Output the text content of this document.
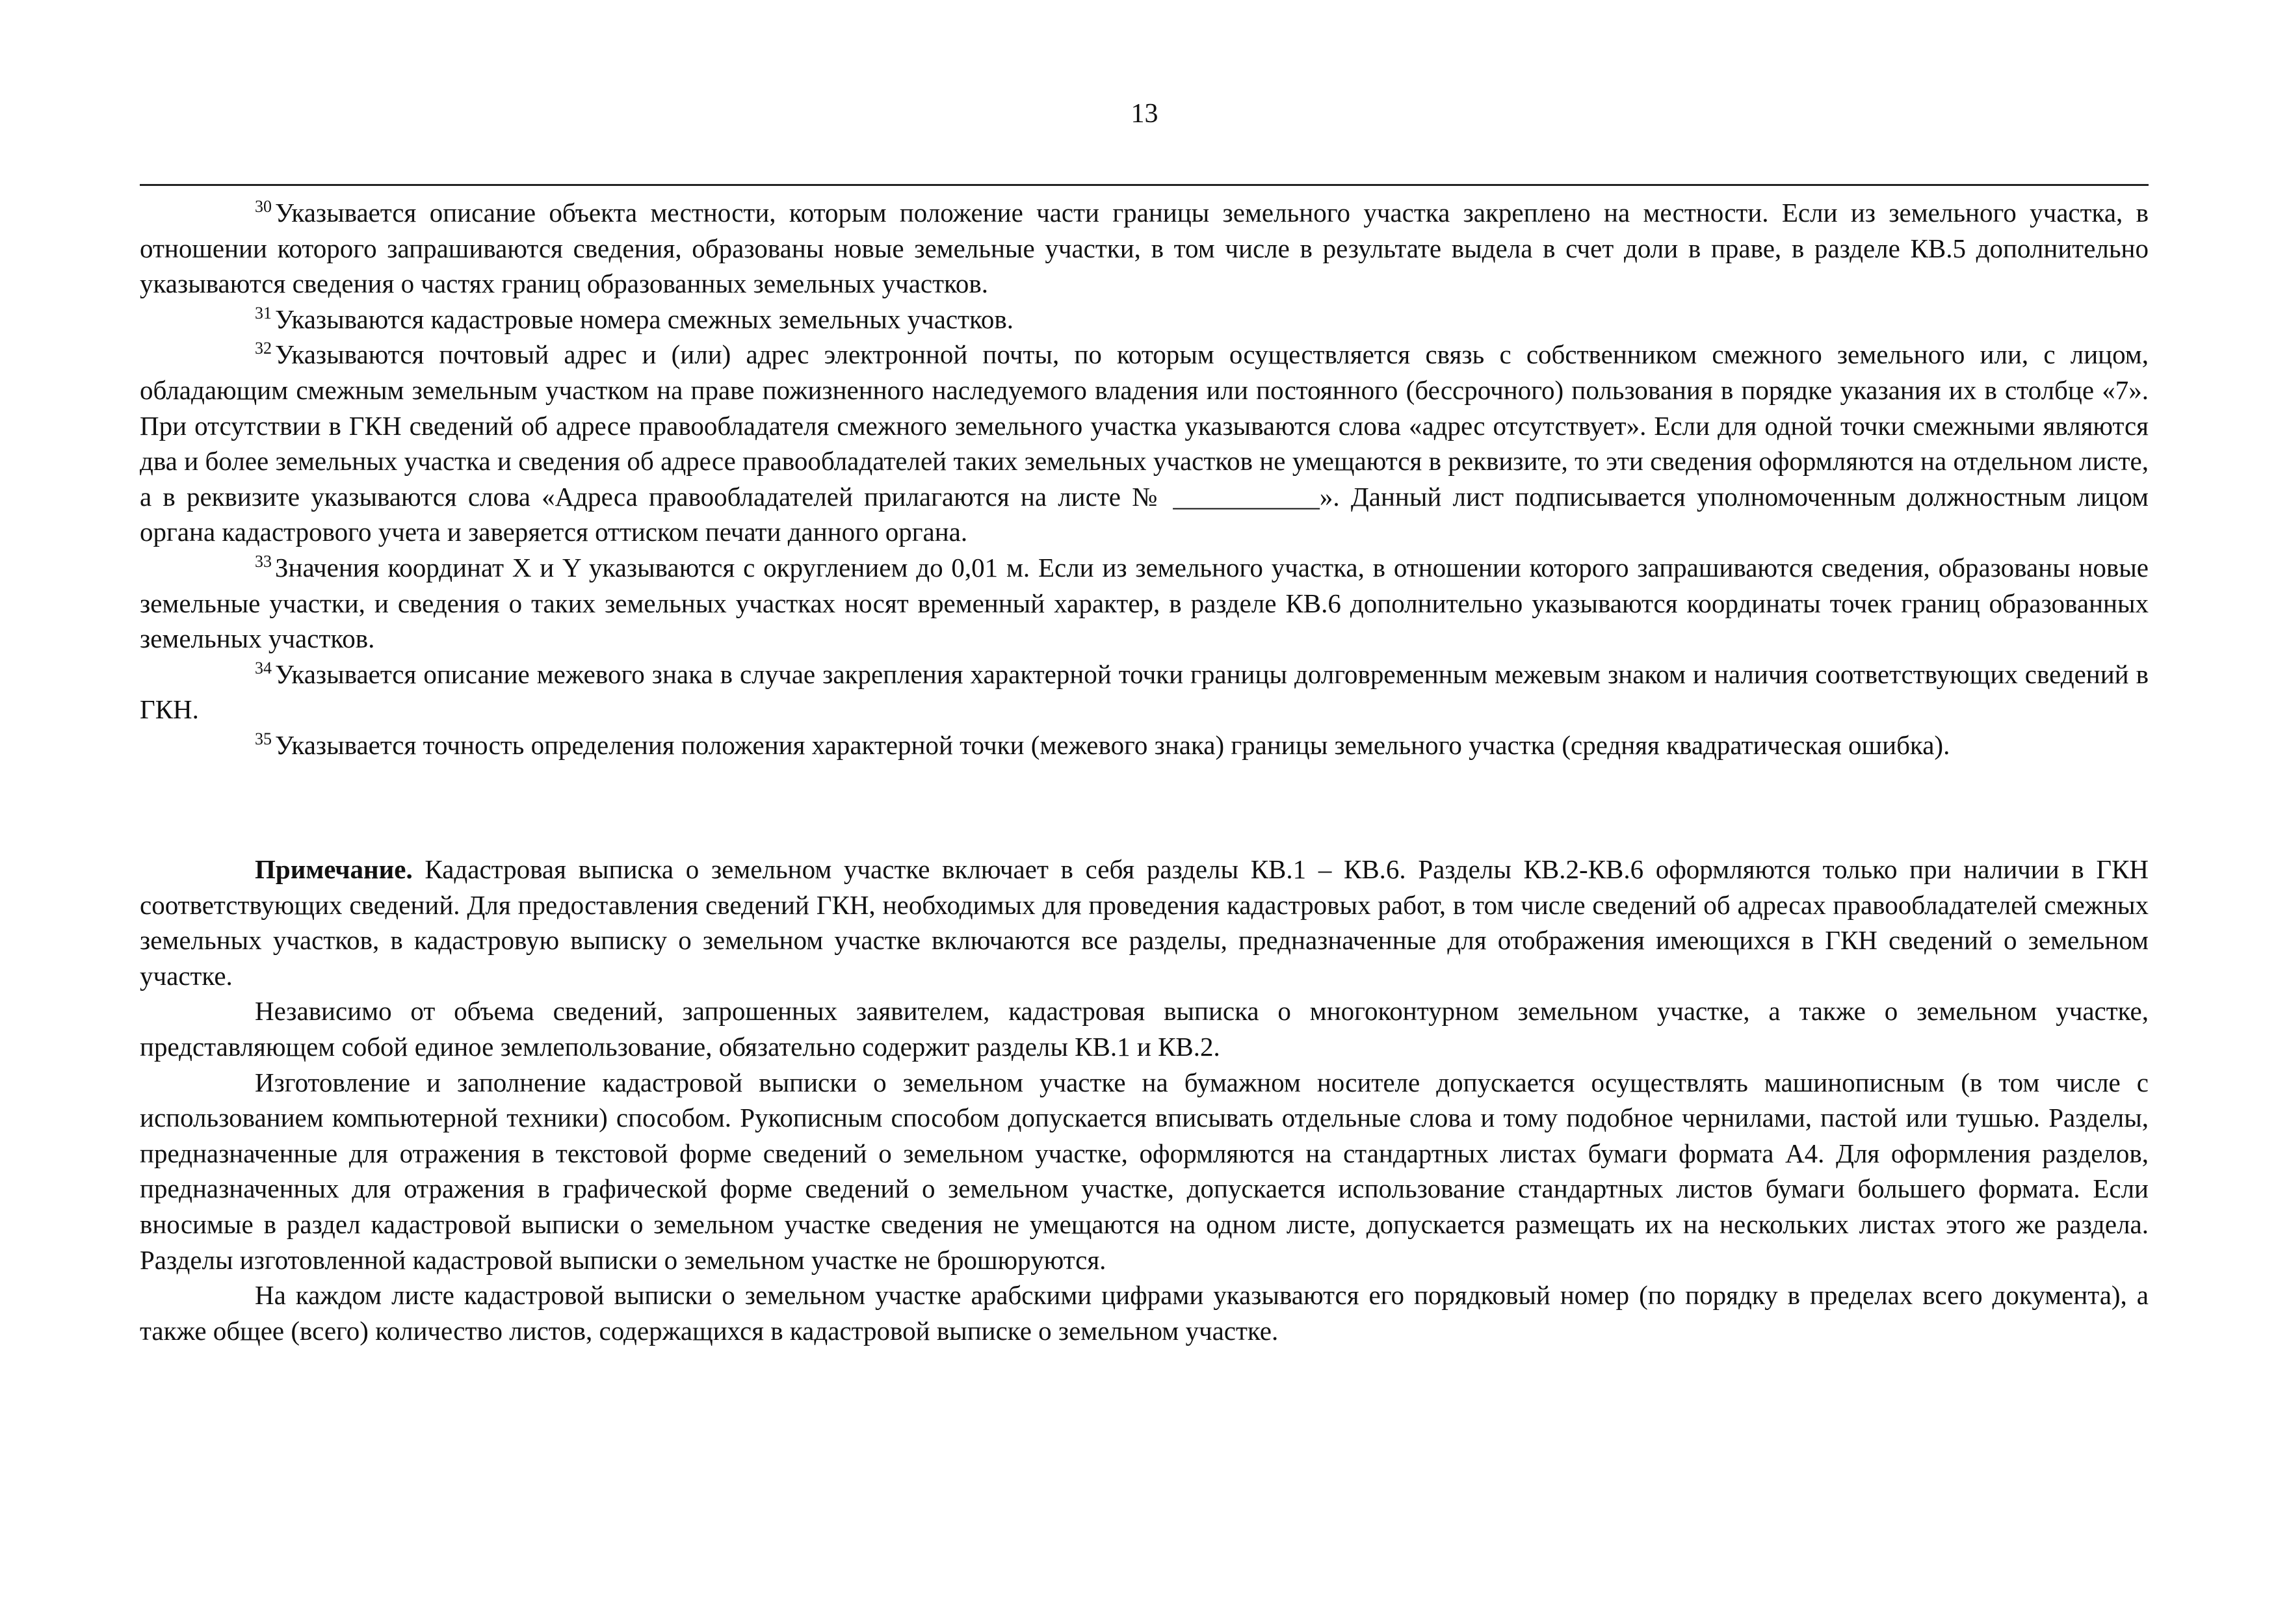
13

$^{30}$ Указывается описание объекта местности, которым положение части границы земельного участка закреплено на местности. Если из земельного участка, в отношении которого запрашиваются сведения, образованы новые земельные участки, в том числе в результате выдела в счет доли в праве, в разделе КВ.5 дополнительно указываются сведения о частях границ образованных земельных участков.

$^{31}$ Указываются кадастровые номера смежных земельных участков.

$^{32}$ Указываются почтовый адрес и (или) адрес электронной почты, по которым осуществляется связь с собственником смежного земельного или, с лицом, обладающим смежным земельным участком на праве пожизненного наследуемого владения или постоянного (бессрочного) пользования в порядке указания их в столбце «7». При отсутствии в ГКН сведений об адресе правообладателя смежного земельного участка указываются слова «адрес отсутствует». Если для одной точки смежными являются два и более земельных участка и сведения об адресе правообладателей таких земельных участков не умещаются в реквизите, то эти сведения оформляются на отдельном листе, а в реквизите указываются слова «Адреса правообладателей прилагаются на листе № ___________». Данный лист подписывается уполномоченным должностным лицом органа кадастрового учета и заверяется оттиском печати данного органа.

$^{33}$ Значения координат X и Y указываются с округлением до 0,01 м. Если из земельного участка, в отношении которого запрашиваются сведения, образованы новые земельные участки, и сведения о таких земельных участках носят временный характер, в разделе КВ.6 дополнительно указываются координаты точек границ образованных земельных участков.

$^{34}$ Указывается описание межевого знака в случае закрепления характерной точки границы долговременным межевым знаком и наличия соответствующих сведений в ГКН.

$^{35}$ Указывается точность определения положения характерной точки (межевого знака) границы земельного участка (средняя квадратическая ошибка).

Примечание. Кадастровая выписка о земельном участке включает в себя разделы КВ.1 – КВ.6. Разделы КВ.2-КВ.6 оформляются только при наличии в ГКН соответствующих сведений. Для предоставления сведений ГКН, необходимых для проведения кадастровых работ, в том числе сведений об адресах правообладателей смежных земельных участков, в кадастровую выписку о земельном участке включаются все разделы, предназначенные для отображения имеющихся в ГКН сведений о земельном участке.

Независимо от объема сведений, запрошенных заявителем, кадастровая выписка о многоконтурном земельном участке, а также о земельном участке, представляющем собой единое землепользование, обязательно содержит разделы КВ.1 и КВ.2.

Изготовление и заполнение кадастровой выписки о земельном участке на бумажном носителе допускается осуществлять машинописным (в том числе с использованием компьютерной техники) способом. Рукописным способом допускается вписывать отдельные слова и тому подобное чернилами, пастой или тушью. Разделы, предназначенные для отражения в текстовой форме сведений о земельном участке, оформляются на стандартных листах бумаги формата А4. Для оформления разделов, предназначенных для отражения в графической форме сведений о земельном участке, допускается использование стандартных листов бумаги большего формата. Если вносимые в раздел кадастровой выписки о земельном участке сведения не умещаются на одном листе, допускается размещать их на нескольких листах этого же раздела. Разделы изготовленной кадастровой выписки о земельном участке не брошюруются.

На каждом листе кадастровой выписки о земельном участке арабскими цифрами указываются его порядковый номер (по порядку в пределах всего документа), а также общее (всего) количество листов, содержащихся в кадастровой выписке о земельном участке.
